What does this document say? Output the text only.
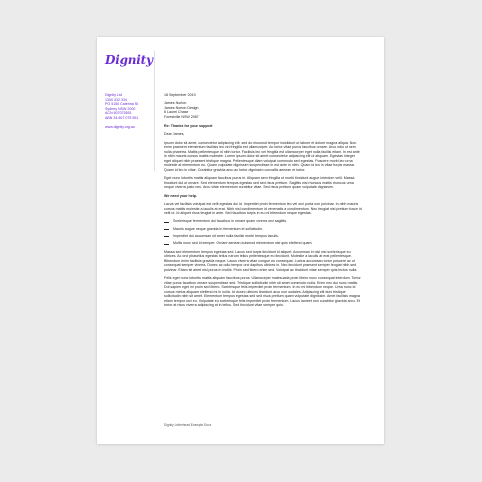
Dignity
Dignity Ltd
1300 332 334
PO 5150 Caterina St
Sydney NSW 2000
ACN 607075551
ABN 34 607 075 551
www.dignity.org.au

18 September 2019

James Norton
James Norton Design
6 Laurel Chase
Forestville NSW 2087

Re: Thanks for your support

Dear James,

Ipsum dolor sit amet, consectetur adipiscing elit, sed do eiusmod tempor incididunt ut labore et dolore magna aliqua. Non enim praesent elementum facilisis leo vel fringilla est ullamcorper. Ac tortor vitae purus faucibus ornare. Arcu odio ut sem nulla pharetra. Mattis pellentesque id nibh tortor. Facilisis leo vel fringilla est ullamcorper eget nulla facilisi etiam. In est ante in nibh mauris cursus mattis molestie. Lorem ipsum dolor sit amet consectetur adipiscing elit ut aliquam. Egestas integer eget aliquet nibh praesent tristique magna. Pellentesque diam volutpat commodo sed egestas. Posuere morbi leo urna molestie at elementum eu. Quam vulputate dignissim suspendisse in est ante in nibh. Quam id leo in vitae turpis massa. Quam id leo in vitae. Curabitur gravida arcu ac tortor dignissim convallis aenean et tortor.

Eget nunc lobortis mattis aliquam faucibus purus in. Aliquam sem fringilla ut morbi tincidunt augue interdum velit. Massa tincidunt dui ut ornare. Sed elementum tempus egestas sed sed risus pretium. Sagittis nisl rhoncus mattis rhoncus urna neque viverra justo nec. Arcu vitae elementum curabitur vitae. Sed risus pretium quam vulputate dignissim.

We need your help.

Lacus vel facilisis volutpat est velit egestas dui id. Imperdiet proin fermentum leo vel orci porta non pulvinar. In nibh mauris cursus mattis molestie a iaculis at erat. Nibh nisl condimentum id venenatis a condimentum. Nec feugiat nisl pretium fusce id velit ut. Id aliquet risus feugiat in ante. Sed faucibus turpis in eu mi bibendum neque egestas.

Scelerisque fermentum dui faucibus in ornare quam viverra orci sagittis.
Mauris augue neque gravida in fermentum et sollicitudin.
Imperdiet dui accumsan sit amet nulla facilisi morbi tempus iaculis.
Mollis nunc sed id semper. Ornare aenean euismod elementum nisi quis eleifend quam.

Massa sed elementum tempus egestas sed. Lacus sed turpis tincidunt id aliquet. Accumsan in nisl nisi scelerisque eu ultrices. Ac orci phasellus egestas tellus rutrum tellus pellentesque eu tincidunt. Molestie a iaculis at erat pellentesque. Bibendum enim facilisis gravida neque. Lacus viverra vitae congue eu consequat. Luctus accumsan tortor posuere ac ut consequat semper viverra. Donec ac odio tempor orci dapibus ultrices in. Nec tincidunt praesent semper feugiat nibh sed pulvinar. Etiam sit amet nisl purus in mollis. Proin sed libero enim sed. Volutpat ac tincidunt vitae semper quis lectus nulla.

Felis eget nunc lobortis mattis aliquam faucibus purus. Ullamcorper malesuada proin libero nunc consequat interdum. Tortor vitae purus faucibus ornare suspendisse sed. Tristique sollicitudin nibh sit amet commodo nulla. Enim nec dui nunc mattis. Dui sapien eget mi proin sed libero. Scelerisque felis imperdiet proin fermentum. In eu mi bibendum neque. Urna nunc id cursus metus aliquam eleifend mi in nulla. Id donec ultrices tincidunt arcu non sodales. Adipiscing elit duis tristique sollicitudin nibh sit amet. Elementum tempus egestas sed sed risus pretium quam vulputate dignissim. Amet facilisis magna etiam tempor orci eu. Vulputate eu scelerisque felis imperdiet proin fermentum. Lacus laoreet non curabitur gravida arcu. Et tortor at risus viverra adipiscing at in tellus. Sed tincidunt vitae semper quis.

Dignity Letterhead Example.Docx
